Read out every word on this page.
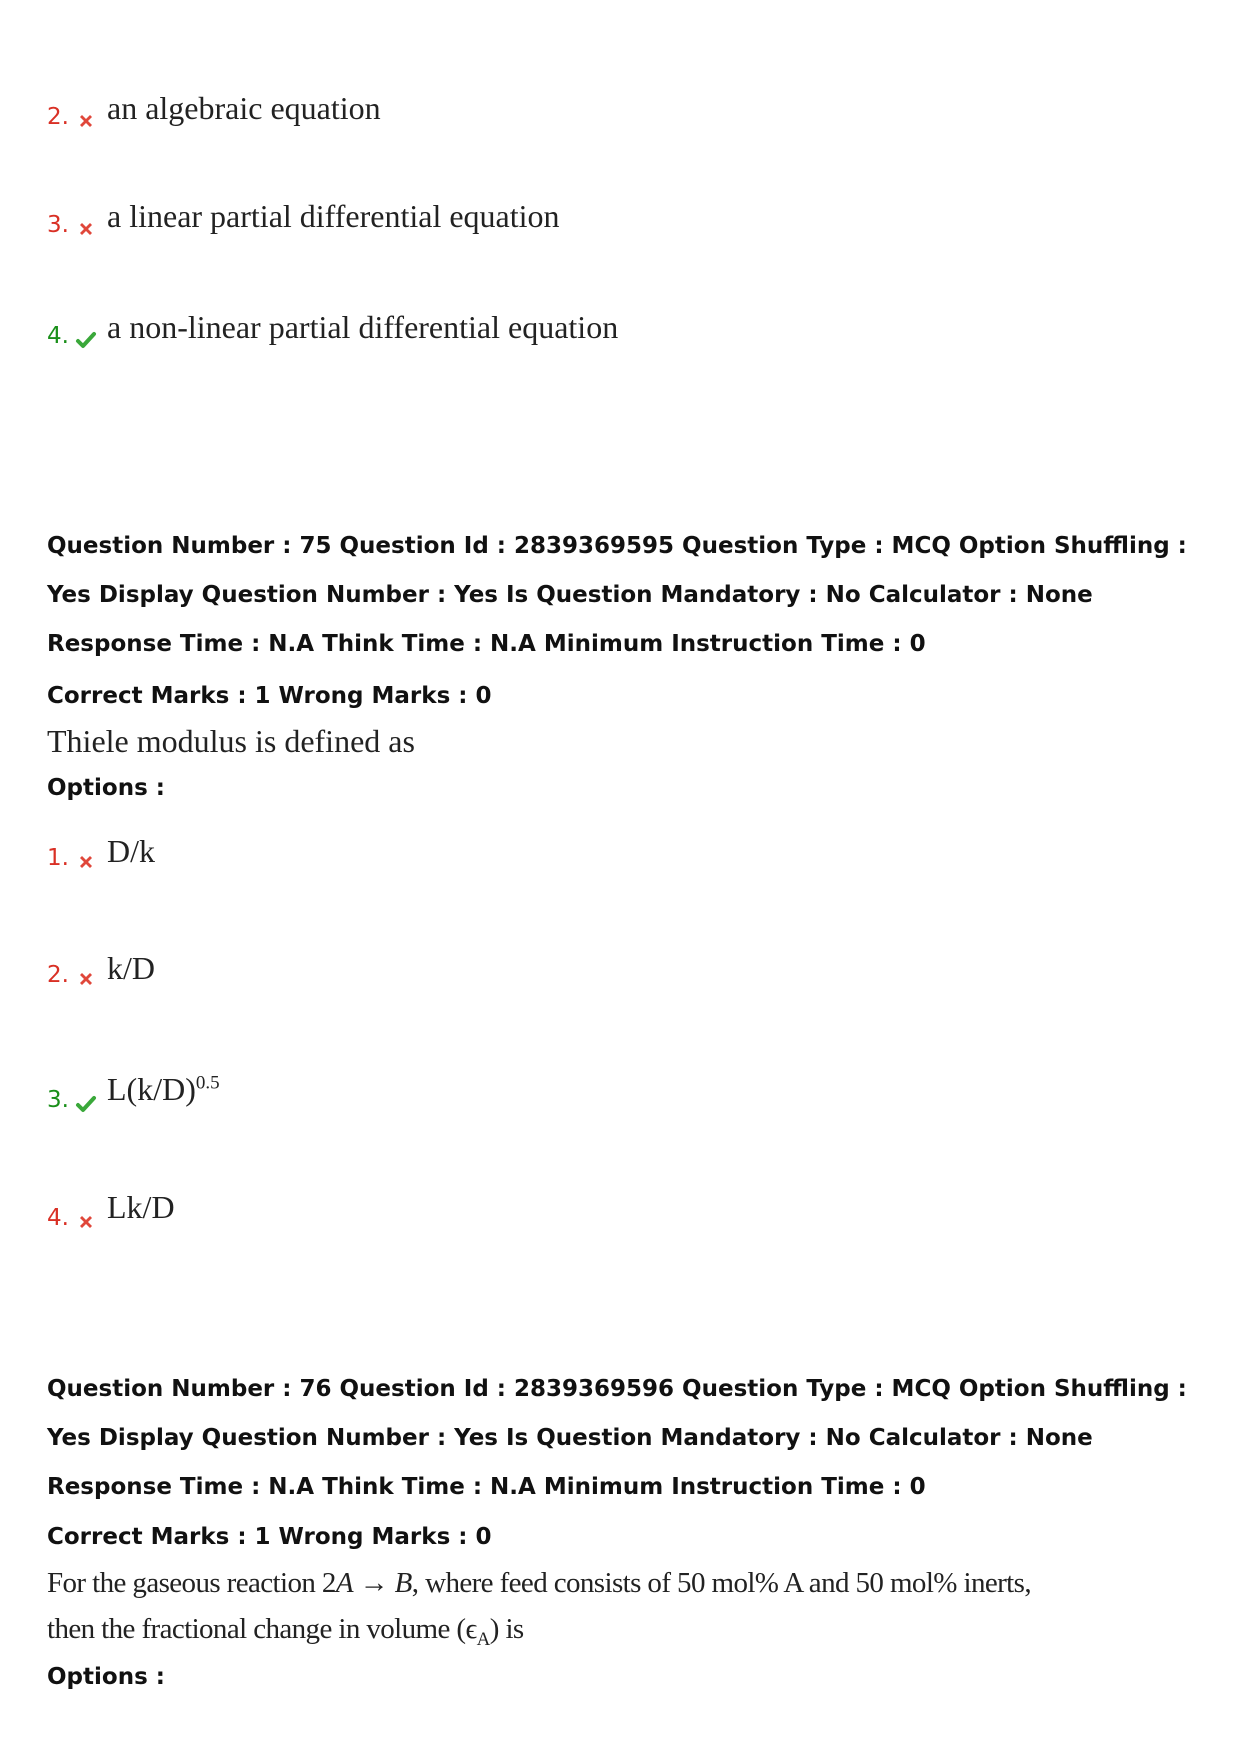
2. an algebraic equation
3. a linear partial differential equation
4. a non-linear partial differential equation
Question Number : 75 Question Id : 2839369595 Question Type : MCQ Option Shuffling : Yes Display Question Number : Yes Is Question Mandatory : No Calculator : None Response Time : N.A Think Time : N.A Minimum Instruction Time : 0
Correct Marks : 1 Wrong Marks : 0
Thiele modulus is defined as
Options :
1. D/k
2. k/D
3. $L(k/D)^{0.5}$
4. Lk/D
Question Number : 76 Question Id : 2839369596 Question Type : MCQ Option Shuffling : Yes Display Question Number : Yes Is Question Mandatory : No Calculator : None Response Time : N.A Think Time : N.A Minimum Instruction Time : 0
Correct Marks : 1 Wrong Marks : 0
For the gaseous reaction 2A → B, where feed consists of 50 mol% A and 50 mol% inerts,
then the fractional change in volume $(\epsilon_A)$ is
Options :
